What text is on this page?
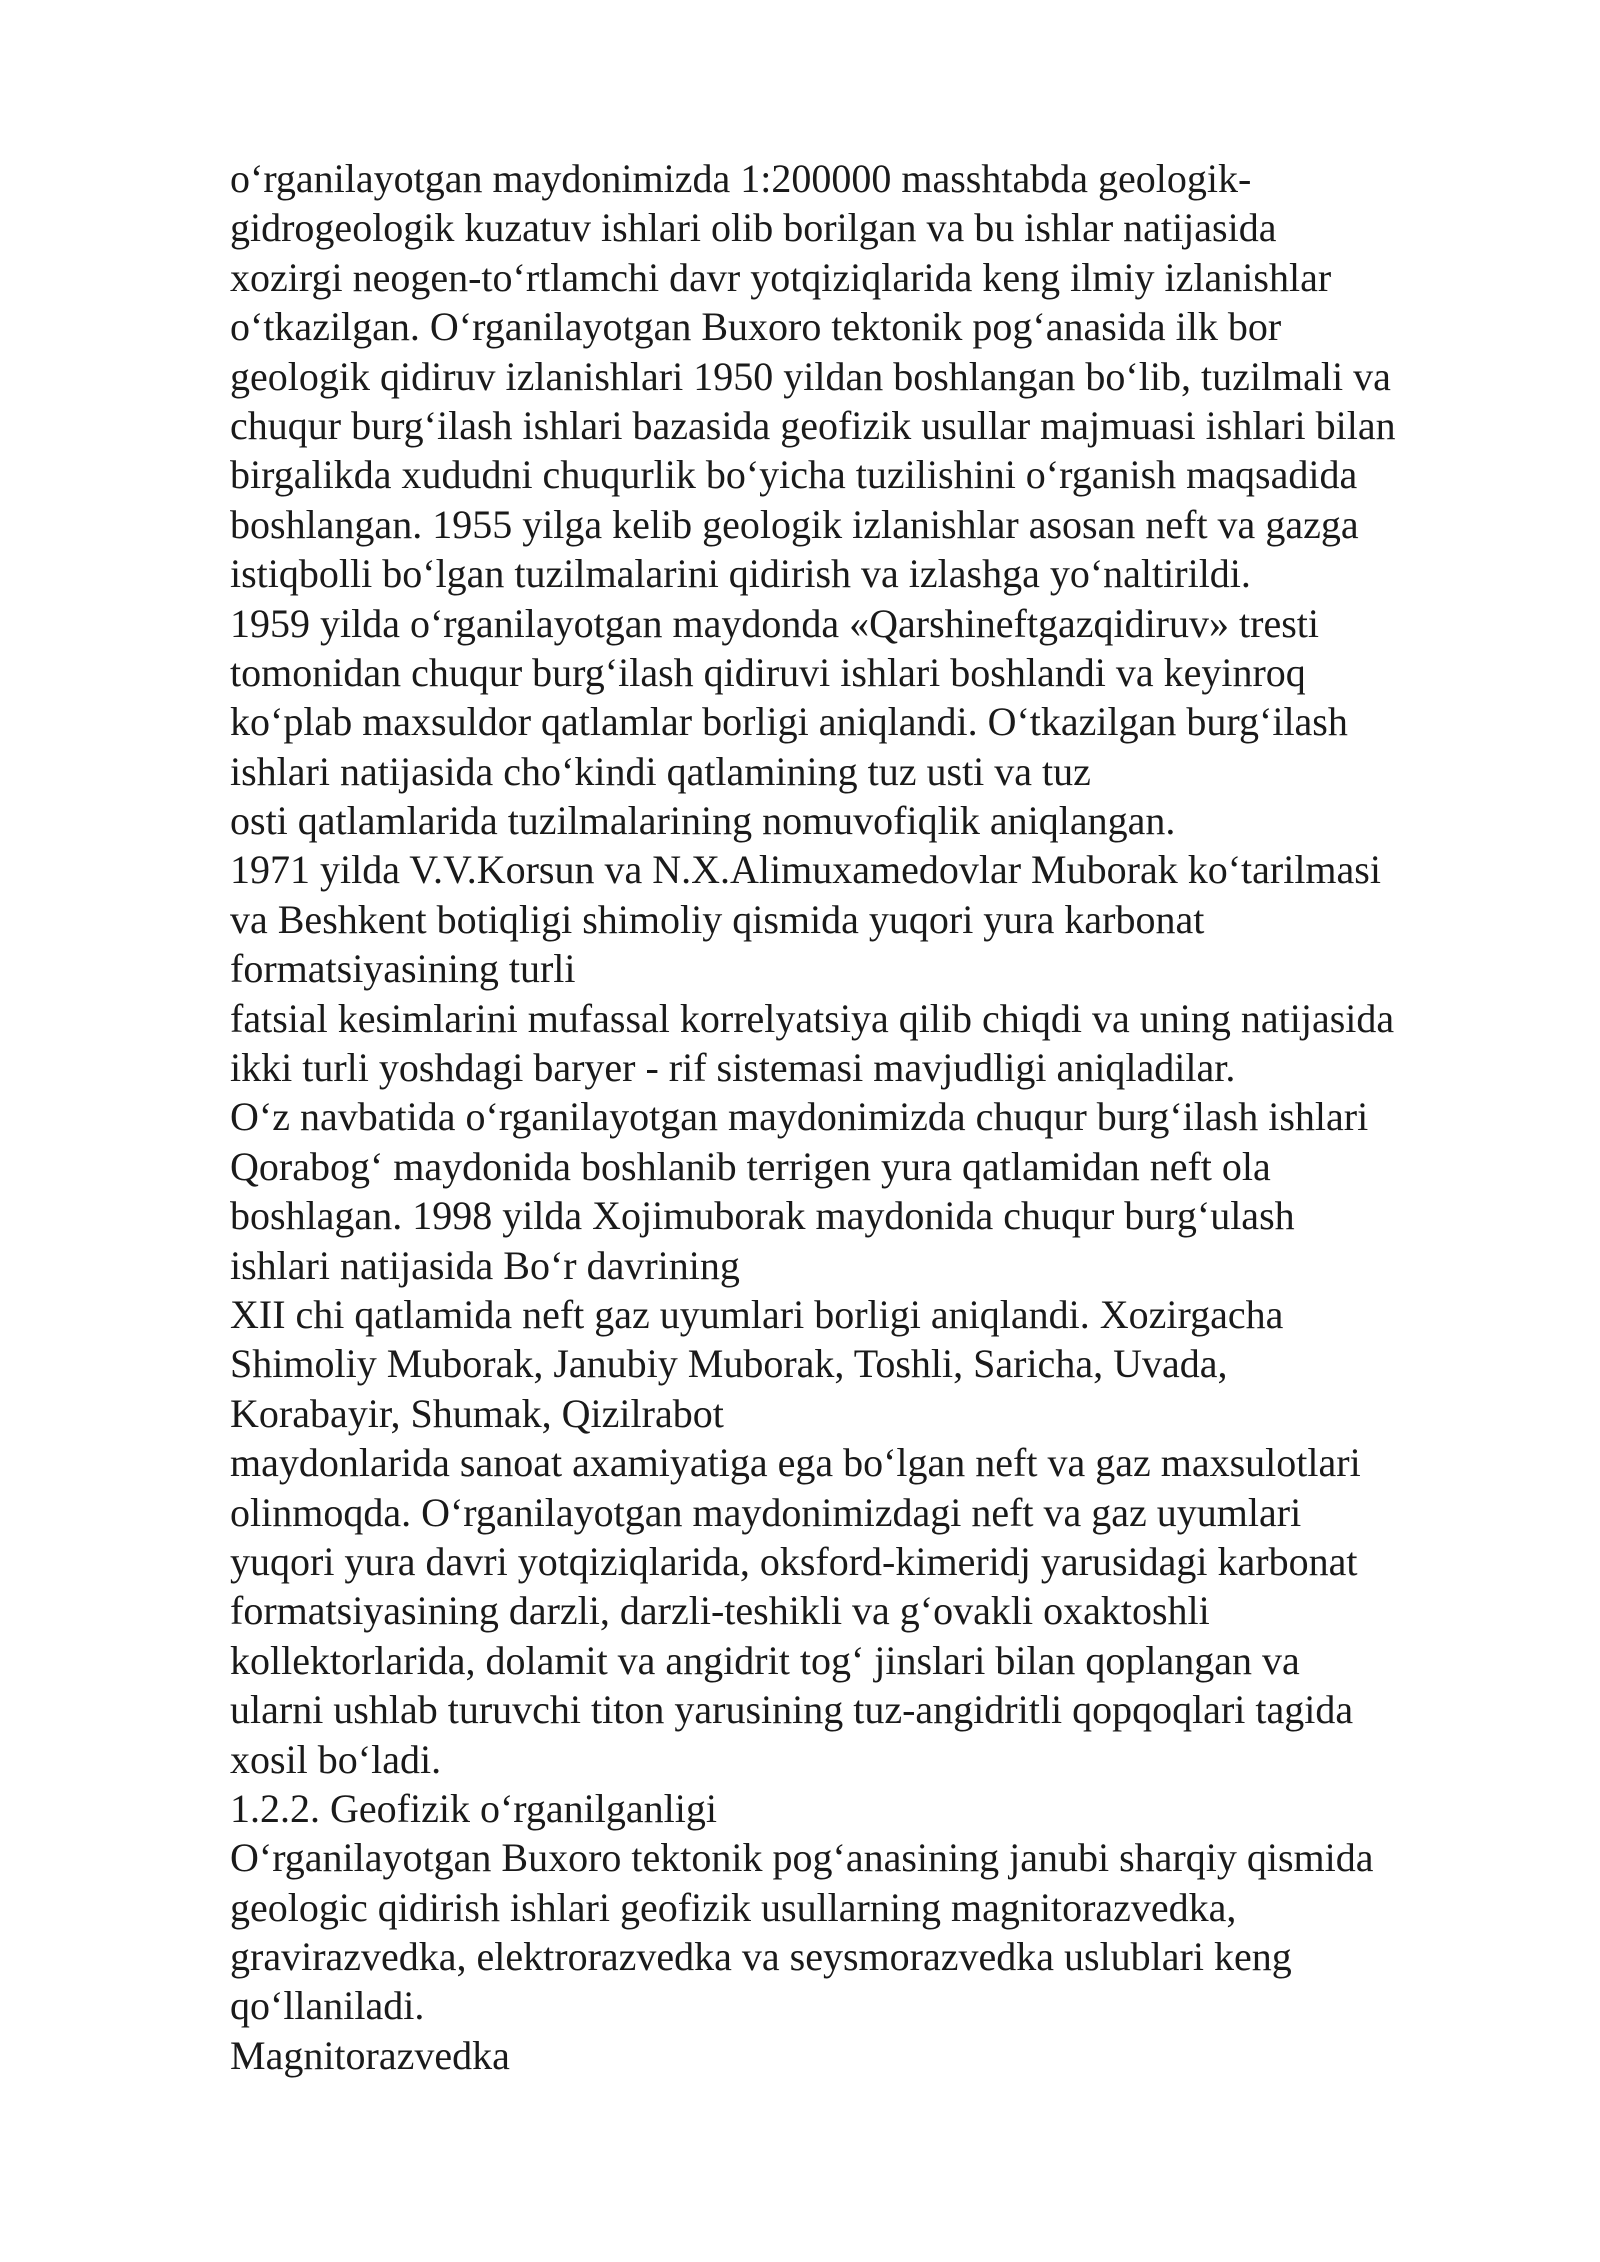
o‘rganilayotgan maydonimizda 1:200000 masshtabda geologik-
gidrogeologik kuzatuv ishlari olib borilgan va bu ishlar natijasida
xozirgi neogen-to‘rtlamchi davr yotqiziqlarida keng ilmiy izlanishlar
o‘tkazilgan. O‘rganilayotgan Buxoro tektonik pog‘anasida ilk bor
geologik qidiruv izlanishlari 1950 yildan boshlangan bo‘lib, tuzilmali va
chuqur burg‘ilash ishlari bazasida geofizik usullar majmuasi ishlari bilan
birgalikda xududni chuqurlik bo‘yicha tuzilishini o‘rganish maqsadida
boshlangan. 1955 yilga kelib geologik izlanishlar asosan neft va gazga
istiqbolli bo‘lgan tuzilmalarini qidirish va izlashga yo‘naltirildi.
1959 yilda o‘rganilayotgan maydonda «Qarshineftgazqidiruv» tresti
tomonidan chuqur burg‘ilash qidiruvi ishlari boshlandi va keyinroq
ko‘plab maxsuldor qatlamlar borligi aniqlandi. O‘tkazilgan burg‘ilash
ishlari natijasida cho‘kindi qatlamining tuz usti va tuz
osti qatlamlarida tuzilmalarining nomuvofiqlik aniqlangan.
1971 yilda V.V.Korsun va N.X.Alimuxamedovlar Muborak ko‘tarilmasi
va Beshkent botiqligi shimoliy qismida yuqori yura karbonat
formatsiyasining turli
fatsial kesimlarini mufassal korrelyatsiya qilib chiqdi va uning natijasida
ikki turli yoshdagi baryer - rif sistemasi mavjudligi aniqladilar.
O‘z navbatida o‘rganilayotgan maydonimizda chuqur burg‘ilash ishlari
Qorabog‘ maydonida boshlanib terrigen yura qatlamidan neft ola
boshlagan. 1998 yilda Xojimuborak maydonida chuqur burg‘ulash
ishlari natijasida Bo‘r davrining
XII chi qatlamida neft gaz uyumlari borligi aniqlandi. Xozirgacha
Shimoliy Muborak, Janubiy Muborak, Toshli, Saricha, Uvada,
Korabayir, Shumak, Qizilrabot
maydonlarida sanoat axamiyatiga ega bo‘lgan neft va gaz maxsulotlari
olinmoqda. O‘rganilayotgan maydonimizdagi neft va gaz uyumlari
yuqori yura davri yotqiziqlarida, oksford-kimeridj yarusidagi karbonat
formatsiyasining darzli, darzli-teshikli va g‘ovakli oxaktoshli
kollektorlarida, dolamit va angidrit tog‘ jinslari bilan qoplangan va
ularni ushlab turuvchi titon yarusining tuz-angidritli qopqoqlari tagida
xosil bo‘ladi.
1.2.2. Geofizik o‘rganilganligi
O‘rganilayotgan Buxoro tektonik pog‘anasining janubi sharqiy qismida
geologic qidirish ishlari geofizik usullarning magnitorazvedka,
gravirazvedka, elektrorazvedka va seysmorazvedka uslublari keng
qo‘llaniladi.
Magnitorazvedka
